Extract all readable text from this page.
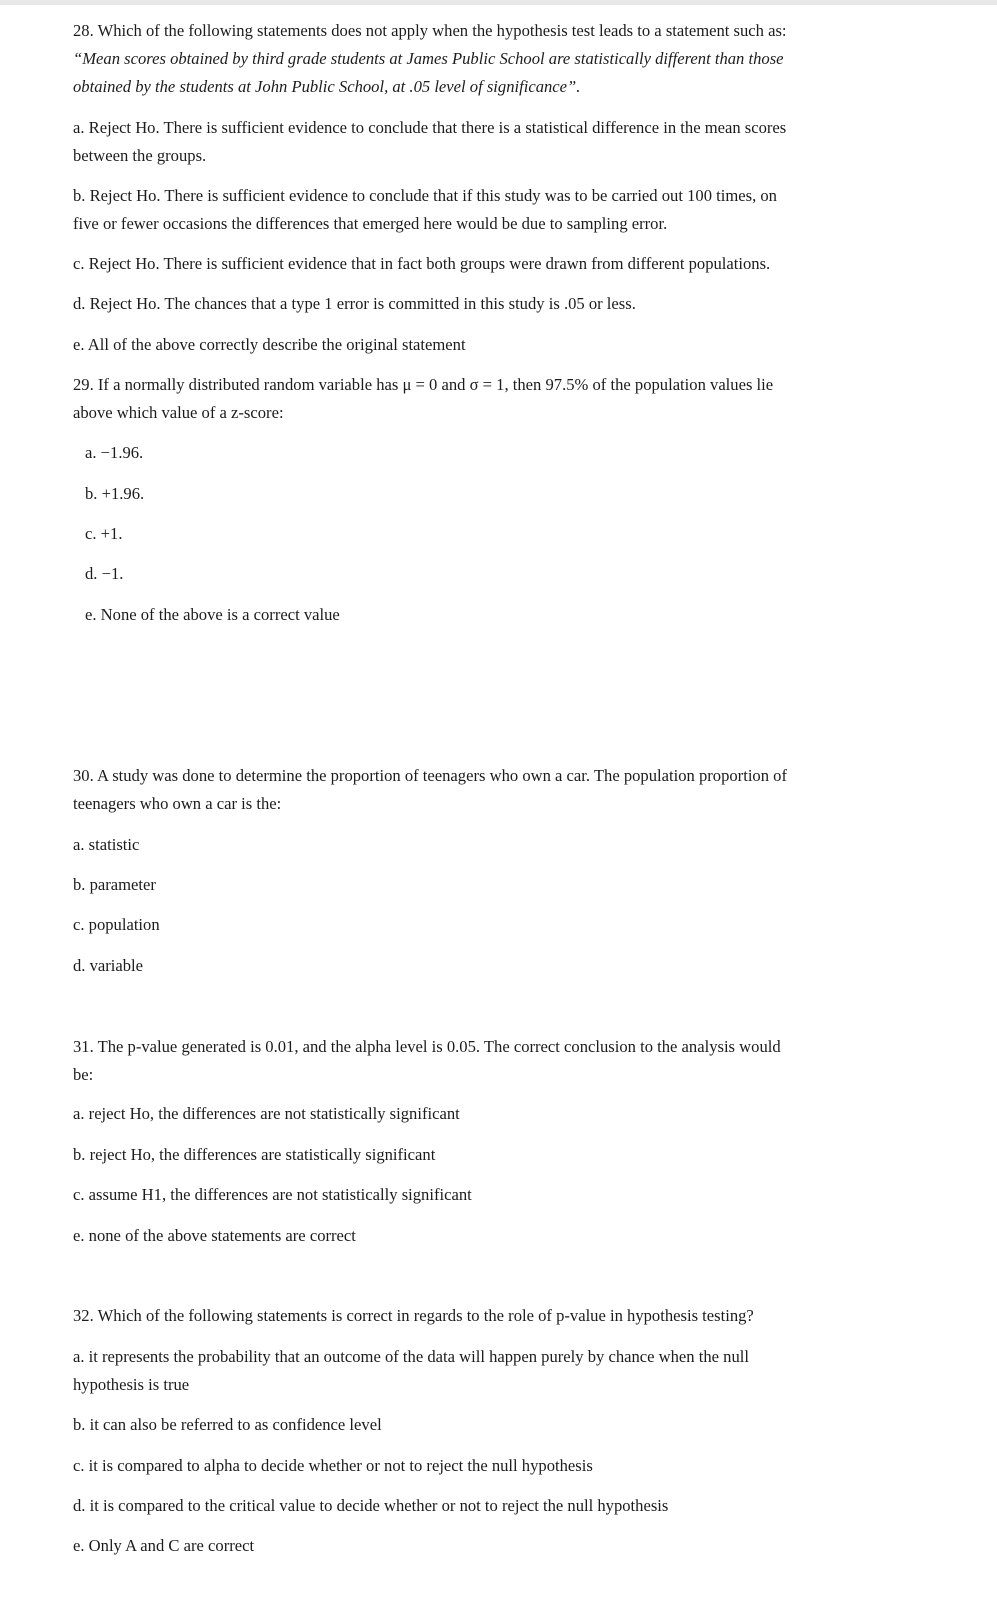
28. Which of the following statements does not apply when the hypothesis test leads to a statement such as:
“Mean scores obtained by third grade students at James Public School are statistically different than those
obtained by the students at John Public School, at .05 level of significance”.
a. Reject Ho. There is sufficient evidence to conclude that there is a statistical difference in the mean scores
between the groups.
b. Reject Ho. There is sufficient evidence to conclude that if this study was to be carried out 100 times, on
five or fewer occasions the differences that emerged here would be due to sampling error.
c. Reject Ho. There is sufficient evidence that in fact both groups were drawn from different populations.
d. Reject Ho. The chances that a type 1 error is committed in this study is .05 or less.
e. All of the above correctly describe the original statement
29. If a normally distributed random variable has μ = 0 and σ = 1, then 97.5% of the population values lie
above which value of a z-score:
a. −1.96.
b. +1.96.
c. +1.
d. −1.
e. None of the above is a correct value
30. A study was done to determine the proportion of teenagers who own a car. The population proportion of
teenagers who own a car is the:
a. statistic
b. parameter
c. population
d. variable
31. The p-value generated is 0.01, and the alpha level is 0.05. The correct conclusion to the analysis would
be:
a. reject Ho, the differences are not statistically significant
b. reject Ho, the differences are statistically significant
c. assume H1, the differences are not statistically significant
e. none of the above statements are correct
32. Which of the following statements is correct in regards to the role of p-value in hypothesis testing?
a. it represents the probability that an outcome of the data will happen purely by chance when the null
hypothesis is true
b. it can also be referred to as confidence level
c. it is compared to alpha to decide whether or not to reject the null hypothesis
d. it is compared to the critical value to decide whether or not to reject the null hypothesis
e. Only A and C are correct
